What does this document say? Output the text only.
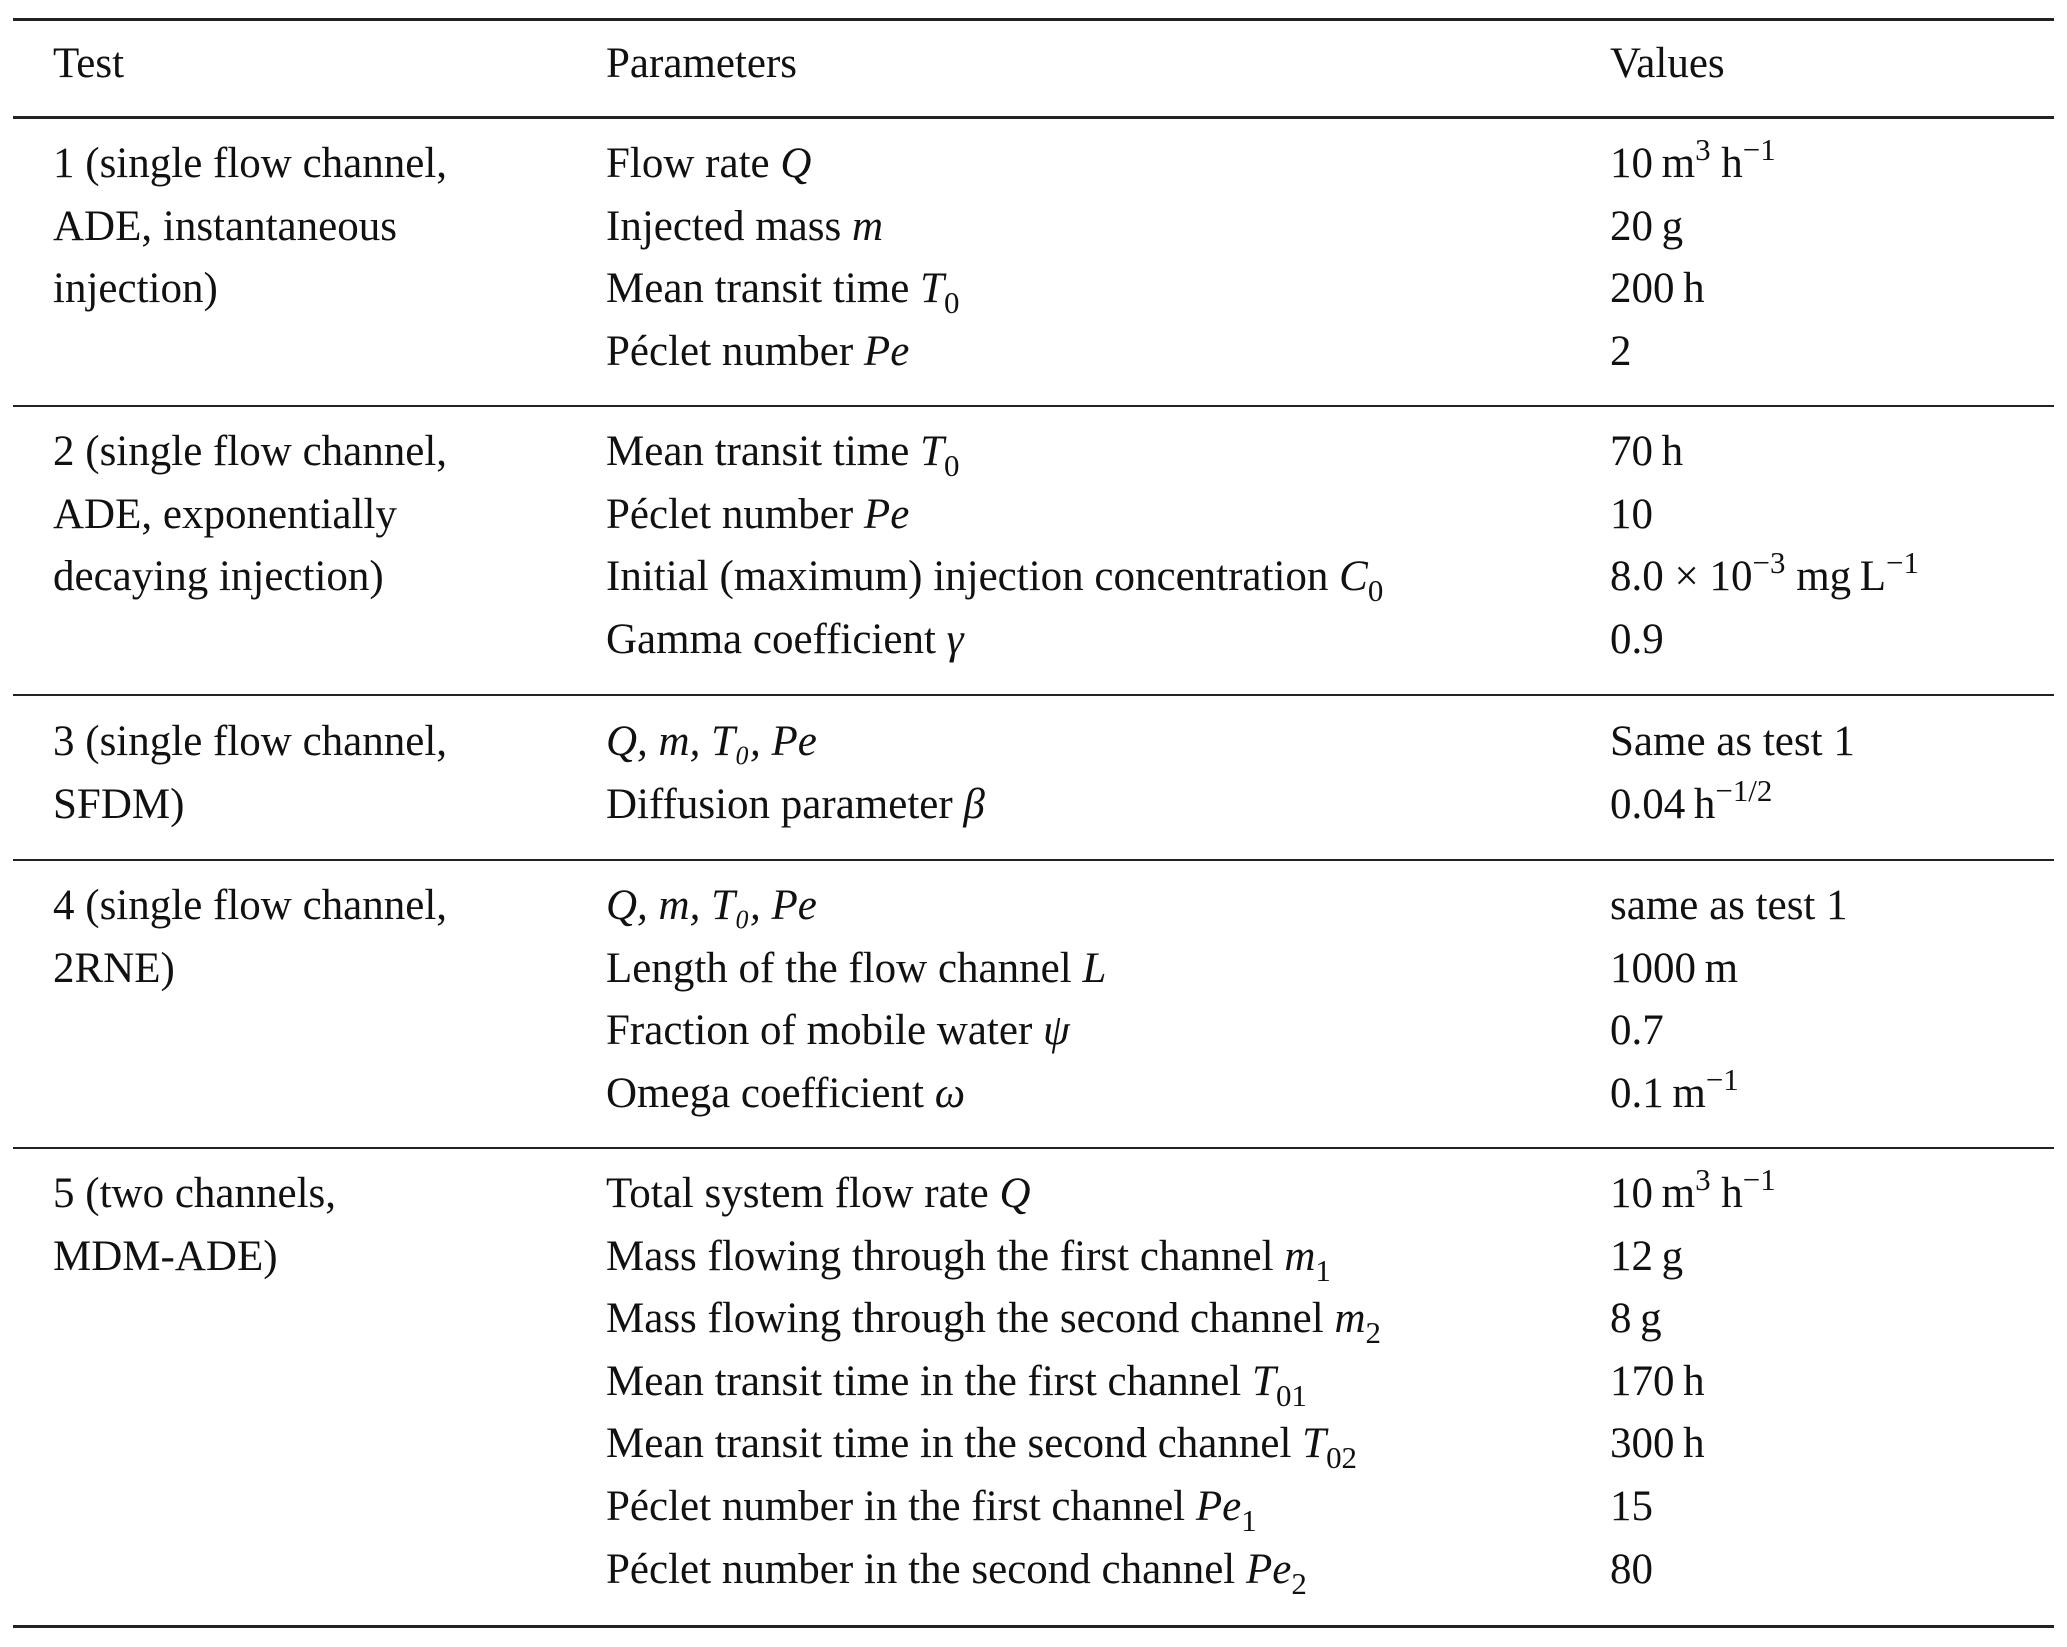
Test	Parameters	Values
1 (single flow channel,
ADE, instantaneous
injection)
Flow rate Q
Injected mass m
Mean transit time $T_0$
Péclet number Pe
10 $m^3$ $h^{-1}$
20 g
200 h
2
2 (single flow channel,
ADE, exponentially
decaying injection)
Mean transit time $T_0$
Péclet number Pe
Initial (maximum) injection concentration $C_0$
Gamma coefficient γ
70 h
10
$8.0 \times 10^{-3}$ mg $L^{-1}$
0.9
3 (single flow channel,
SFDM)
Q, m, T₀, Pe
Diffusion parameter β
Same as test 1
0.04 $h^{-1/2}$
4 (single flow channel,
2RNE)
Q, m, T₀, Pe
Length of the flow channel L
Fraction of mobile water ψ
Omega coefficient ω
same as test 1
1000 m
0.7
0.1 $m^{-1}$
5 (two channels,
MDM-ADE)
Total system flow rate Q
Mass flowing through the first channel $m_1$
Mass flowing through the second channel $m_2$
Mean transit time in the first channel $T_{01}$
Mean transit time in the second channel $T_{02}$
Péclet number in the first channel $Pe_1$
Péclet number in the second channel $Pe_2$
10 $m^3$ $h^{-1}$
12 g
8 g
170 h
300 h
15
80
